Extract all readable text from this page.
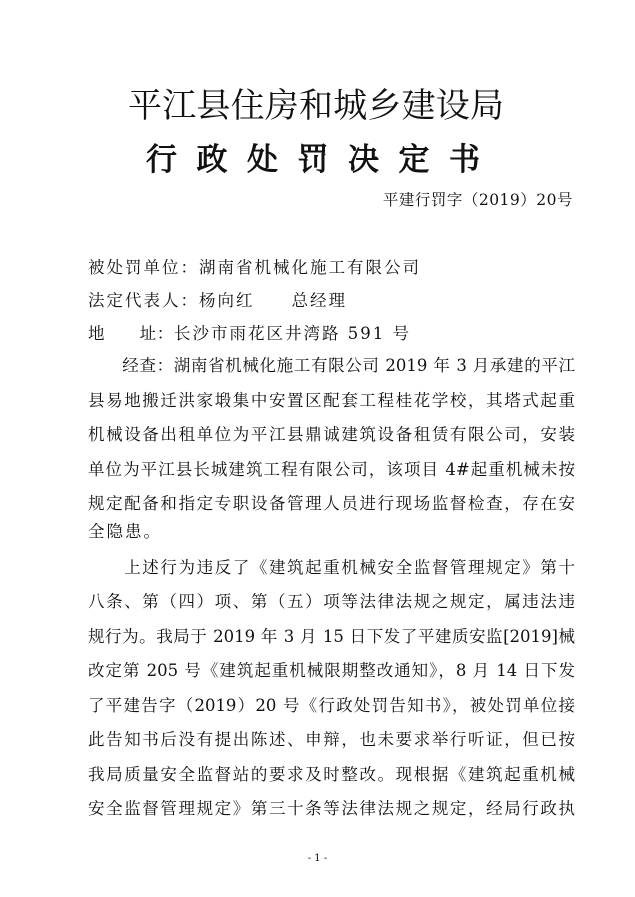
平江县住房和城乡建设局
行政处罚决定书
平建行罚字（2019）20号
被处罚单位：湖南省机械化施工有限公司
法定代表人：杨向红　　总经理
地　　址：长沙市雨花区井湾路 591 号
　　经查：湖南省机械化施工有限公司 2019 年 3 月承建的平江
县易地搬迁洪家塅集中安置区配套工程桂花学校，其塔式起重
机械设备出租单位为平江县鼎诚建筑设备租赁有限公司，安装
单位为平江县长城建筑工程有限公司，该项目 4#起重机械未按
规定配备和指定专职设备管理人员进行现场监督检查，存在安
全隐患。
　　上述行为违反了《建筑起重机械安全监督管理规定》第十
八条、第（四）项、第（五）项等法律法规之规定，属违法违
规行为。我局于 2019 年 3 月 15 日下发了平建质安监[2019]械
改定第 205 号《建筑起重机械限期整改通知》，8 月 14 日下发
了平建告字（2019）20 号《行政处罚告知书》，被处罚单位接
此告知书后没有提出陈述、申辩，也未要求举行听证，但已按
我局质量安全监督站的要求及时整改。现根据《建筑起重机械
安全监督管理规定》第三十条等法律法规之规定，经局行政执
- 1 -
